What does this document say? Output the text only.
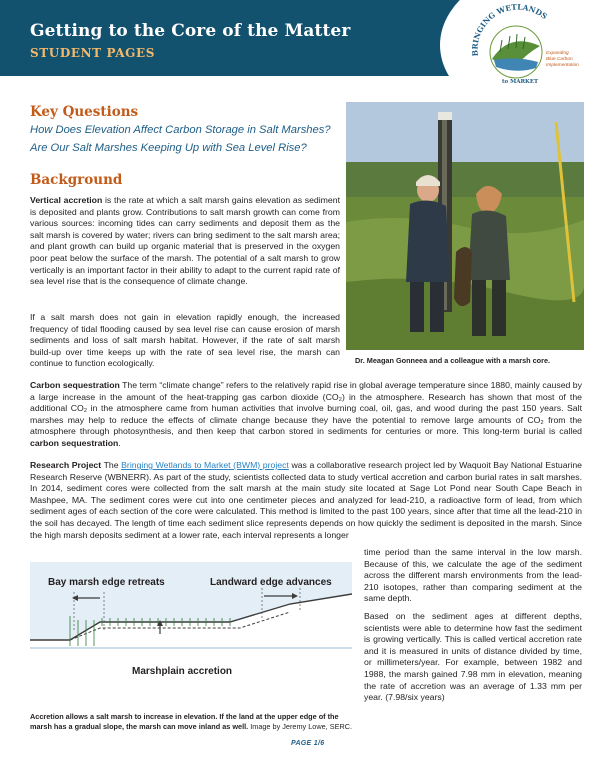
Getting to the Core of the Matter
STUDENT PAGES	BRINGING WETLANDS
Expanding
Blue Carbon
Implementation
to MARKET
Key Questions
How Does Elevation Affect Carbon Storage in Salt Marshes?
Are Our Salt Marshes Keeping Up with Sea Level Rise?
Background
Vertical accretion is the rate at which a salt marsh gains elevation as sediment is deposited and plants grow. Contributions to salt marsh growth can come from various sources: incoming tides can carry sediments and deposit them as the salt marsh is covered by water; rivers can bring sediment to the salt marsh area; and plant growth can build up organic material that is preserved in the oxygen poor peat below the surface of the marsh. The potential of a salt marsh to grow vertically is an important factor in their ability to adapt to the current rapid rate of sea level rise that is the consequence of climate change.
If a salt marsh does not gain in elevation rapidly enough, the increased frequency of tidal flooding caused by sea level rise can cause erosion of marsh sediments and loss of salt marsh habitat. However, if the rate of salt marsh build-up over time keeps up with the rate of sea level rise, the marsh can continue to function ecologically.
Carbon sequestration The term “climate change” refers to the relatively rapid rise in global average temperature since 1880, mainly caused by a large increase in the amount of the heat-trapping gas carbon dioxide (CO₂) in the atmosphere. Research has shown that most of the additional CO₂ in the atmosphere came from human activities that involve burning coal, oil, gas, and wood during the past 150 years. Salt marshes may help to reduce the effects of climate change because they have the potential to remove large amounts of CO₂ from the atmosphere through photosynthesis, and then keep that carbon stored in sediments for centuries or more. This long-term burial is called carbon sequestration.
Research Project The Bringing Wetlands to Market (BWM) project was a collaborative research project led by Waquoit Bay National Estuarine Research Reserve (WBNERR). As part of the study, scientists collected data to study vertical accretion and carbon burial rates in salt marshes. In 2014, sediment cores were collected from the salt marsh at the main study site located at Sage Lot Pond near South Cape Beach in Mashpee, MA. The sediment cores were cut into one centimeter pieces and analyzed for lead-210, a radioactive form of lead, from which sediment ages of each section of the core were calculated. This method is limited to the past 100 years, since after that time all the lead-210 in the soil has decayed. The length of time each sediment slice represents depends on how quickly the sediment is deposited in the marsh. Since the high marsh deposits sediment at a lower rate, each interval represents a longer
time period than the same interval in the low marsh. Because of this, we calculate the age of the sediment across the different marsh environments from the lead-210 isotopes, rather than comparing sediment at the same depth.
Based on the sediment ages at different depths, scientists were able to determine how fast the sediment is growing vertically. This is called vertical accretion rate and it is measured in units of distance divided by time, or millimeters/year. For example, between 1982 and 1988, the marsh gained 7.98 mm in elevation, meaning the rate of accretion was an average of 1.33 mm per year. (7.98/six years)
Dr. Meagan Gonneea and a colleague with a marsh core.
Bay marsh edge retreats	Landward edge advances
Marshplain accretion
Accretion allows a salt marsh to increase in elevation. If the land at the upper edge of the marsh has a gradual slope, the marsh can move inland as well. Image by Jeremy Lowe, SERC.
PAGE 1/6
